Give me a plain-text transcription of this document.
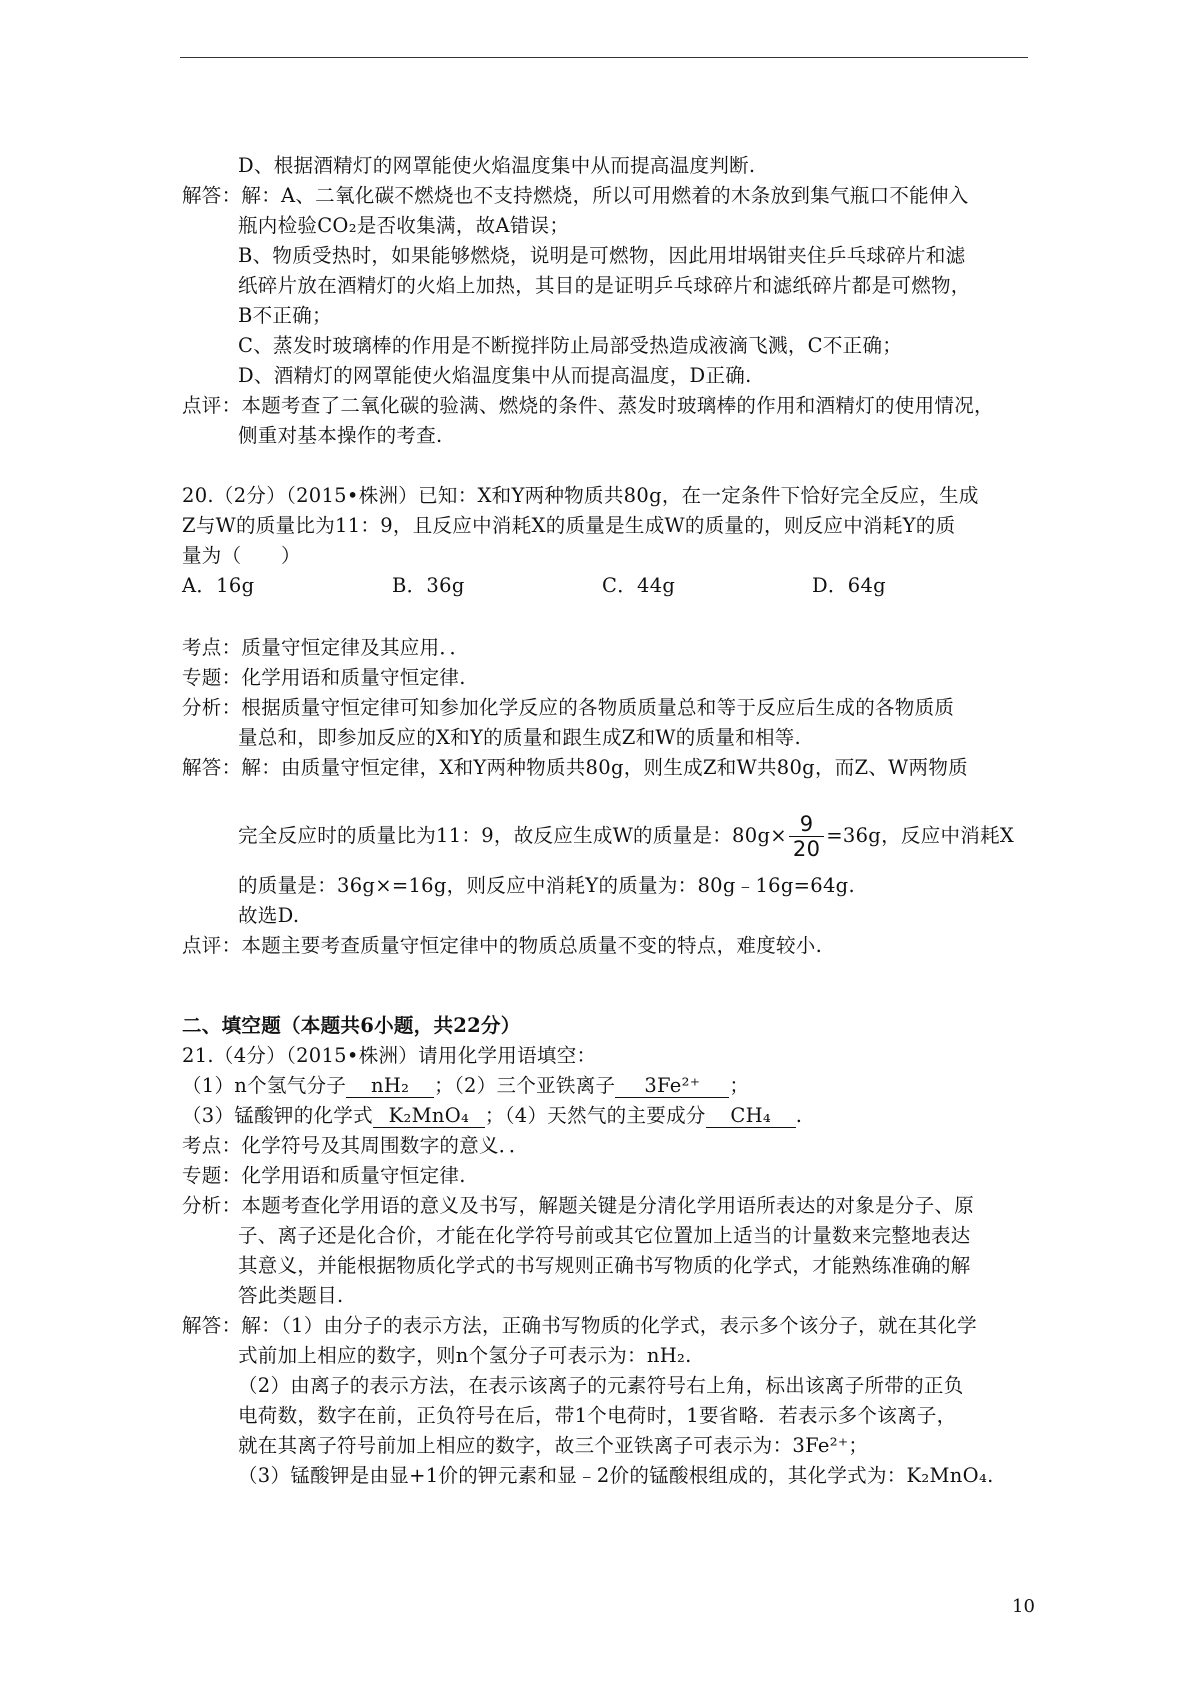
D、根据酒精灯的网罩能使火焰温度集中从而提高温度判断.
解答：解：A、二氧化碳不燃烧也不支持燃烧，所以可用燃着的木条放到集气瓶口不能伸入
瓶内检验CO₂是否收集满，故A错误；
B、物质受热时，如果能够燃烧，说明是可燃物，因此用坩埚钳夹住乒乓球碎片和滤
纸碎片放在酒精灯的火焰上加热，其目的是证明乒乓球碎片和滤纸碎片都是可燃物，
B不正确；
C、蒸发时玻璃棒的作用是不断搅拌防止局部受热造成液滴飞溅，C不正确；
D、酒精灯的网罩能使火焰温度集中从而提高温度，D正确.
点评：本题考查了二氧化碳的验满、燃烧的条件、蒸发时玻璃棒的作用和酒精灯的使用情况，
侧重对基本操作的考查.
20.（2分）（2015•株洲）已知：X和Y两种物质共80g，在一定条件下恰好完全反应，生成
Z与W的质量比为11：9，且反应中消耗X的质量是生成W的质量的，则反应中消耗Y的质
量为（　　）
A．16g	B．36g	C．44g	D．64g
考点：质量守恒定律及其应用．．
专题：化学用语和质量守恒定律.
分析：根据质量守恒定律可知参加化学反应的各物质质量总和等于反应后生成的各物质质
量总和，即参加反应的X和Y的质量和跟生成Z和W的质量和相等.
解答：解：由质量守恒定律，X和Y两种物质共80g，则生成Z和W共80g，而Z、W两物质
的质量是：36g×=16g，则反应中消耗Y的质量为：80g﹣16g=64g.
故选D.
点评：本题主要考查质量守恒定律中的物质总质量不变的特点，难度较小.
二、填空题（本题共6小题，共22分）
21.（4分）（2015•株洲）请用化学用语填空：
考点：化学符号及其周围数字的意义．．
专题：化学用语和质量守恒定律.
分析：本题考查化学用语的意义及书写，解题关键是分清化学用语所表达的对象是分子、原
子、离子还是化合价，才能在化学符号前或其它位置加上适当的计量数来完整地表达
其意义，并能根据物质化学式的书写规则正确书写物质的化学式，才能熟练准确的解
答此类题目.
解答：解：（1）由分子的表示方法，正确书写物质的化学式，表示多个该分子，就在其化学
式前加上相应的数字，则n个氢分子可表示为：nH₂.
（2）由离子的表示方法，在表示该离子的元素符号右上角，标出该离子所带的正负
电荷数，数字在前，正负符号在后，带1个电荷时，1要省略．若表示多个该离子，
就在其离子符号前加上相应的数字，故三个亚铁离子可表示为：3Fe²⁺；
（3）锰酸钾是由显+1价的钾元素和显﹣2价的锰酸根组成的，其化学式为：K₂MnO₄.
完全反应时的质量比为11：9，故反应生成W的质量是：$80g\times \frac{9}{20} =36g$，反应中消耗X
（1）n个氢气分子 nH₂ ；（2）三个亚铁离子 3Fe²⁺ ；
（3）锰酸钾的化学式 K₂MnO₄ ；（4）天然气的主要成分 CH₄ .
10
